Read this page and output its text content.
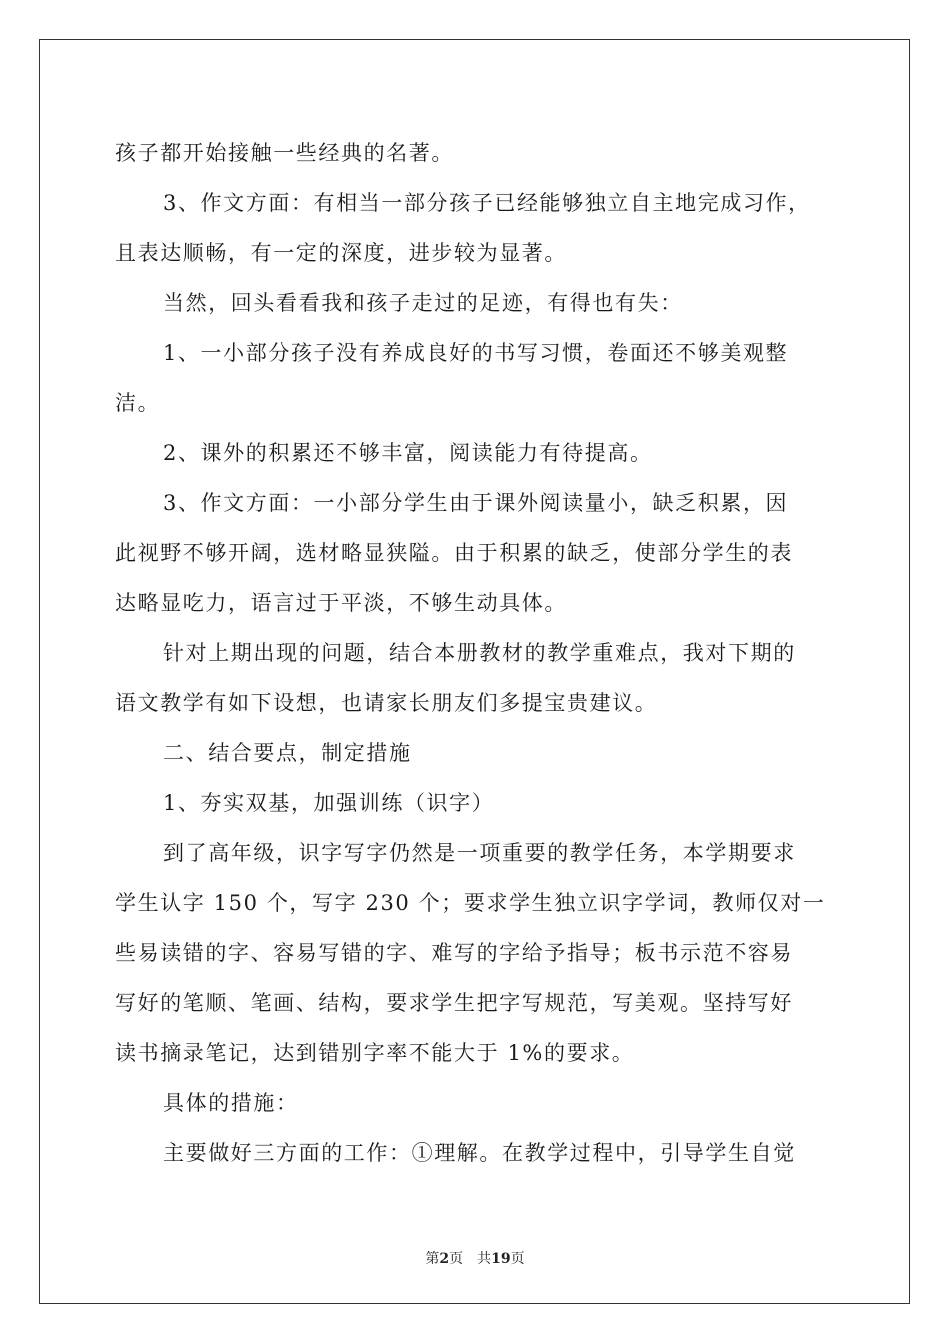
孩子都开始接触一些经典的名著。
3、作文方面：有相当一部分孩子已经能够独立自主地完成习作，
且表达顺畅，有一定的深度，进步较为显著。
当然，回头看看我和孩子走过的足迹，有得也有失：
1、一小部分孩子没有养成良好的书写习惯，卷面还不够美观整
洁。
2、课外的积累还不够丰富，阅读能力有待提高。
3、作文方面：一小部分学生由于课外阅读量小，缺乏积累，因
此视野不够开阔，选材略显狭隘。由于积累的缺乏，使部分学生的表
达略显吃力，语言过于平淡，不够生动具体。
针对上期出现的问题，结合本册教材的教学重难点，我对下期的
语文教学有如下设想，也请家长朋友们多提宝贵建议。
二、结合要点，制定措施
1、夯实双基，加强训练（识字）
到了高年级，识字写字仍然是一项重要的教学任务，本学期要求
学生认字 150 个，写字 230 个；要求学生独立识字学词，教师仅对一
些易读错的字、容易写错的字、难写的字给予指导；板书示范不容易
写好的笔顺、笔画、结构，要求学生把字写规范，写美观。坚持写好
读书摘录笔记，达到错别字率不能大于 1%的要求。
具体的措施：
主要做好三方面的工作：①理解。在教学过程中，引导学生自觉
第2页 共19页
